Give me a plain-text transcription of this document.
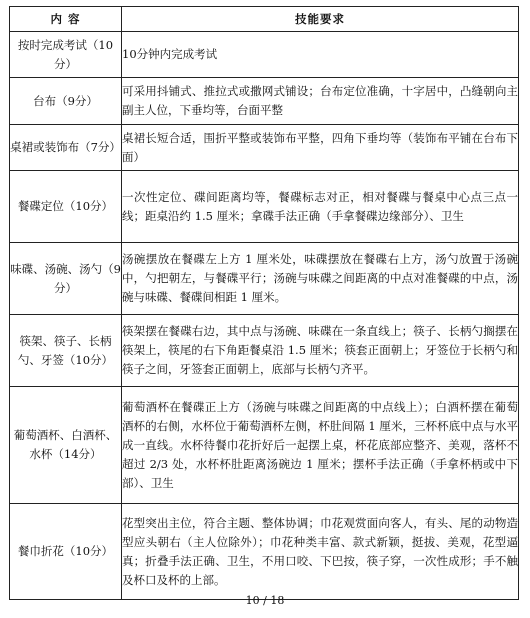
内 容	技能要求
按时完成考试（10分）	10分钟内完成考试
台布（9分）	可采用抖铺式、推拉式或撒网式铺设；台布定位准确，十字居中，凸缝朝向主副主人位，下垂均等，台面平整
桌裙或装饰布（7分）	桌裙长短合适，围折平整或装饰布平整，四角下垂均等（装饰布平铺在台布下面）
餐碟定位（10分）	一次性定位、碟间距离均等，餐碟标志对正，相对餐碟与餐桌中心点三点一线；距桌沿约 1.5 厘米；拿碟手法正确（手拿餐碟边缘部分）、卫生
味碟、汤碗、汤勺（9分）	汤碗摆放在餐碟左上方 1 厘米处，味碟摆放在餐碟右上方，汤勺放置于汤碗中，勺把朝左，与餐碟平行；汤碗与味碟之间距离的中点对准餐碟的中点，汤碗与味碟、餐碟间相距 1 厘米。
筷架、筷子、长柄勺、牙签（10分）	筷架摆在餐碟右边，其中点与汤碗、味碟在一条直线上；筷子、长柄勺搁摆在筷架上，筷尾的右下角距餐桌沿 1.5 厘米；筷套正面朝上；牙签位于长柄勺和筷子之间，牙签套正面朝上，底部与长柄勺齐平。
葡萄酒杯、白酒杯、水杯（14分）	葡萄酒杯在餐碟正上方（汤碗与味碟之间距离的中点线上）；白酒杯摆在葡萄酒杯的右侧，水杯位于葡萄酒杯左侧，杯肚间隔 1 厘米，三杯杯底中点与水平成一直线。水杯待餐巾花折好后一起摆上桌，杯花底部应整齐、美观，落杯不超过 2/3 处，水杯杯肚距离汤碗边 1 厘米；摆杯手法正确（手拿杯柄或中下部）、卫生
餐巾折花（10分）	花型突出主位，符合主题、整体协调；巾花观赏面向客人，有头、尾的动物造型应头朝右（主人位除外）；巾花种类丰富、款式新颖，挺拔、美观，花型逼真；折叠手法正确、卫生，不用口咬、下巴按，筷子穿，一次性成形；手不触及杯口及杯的上部。
10 / 18
